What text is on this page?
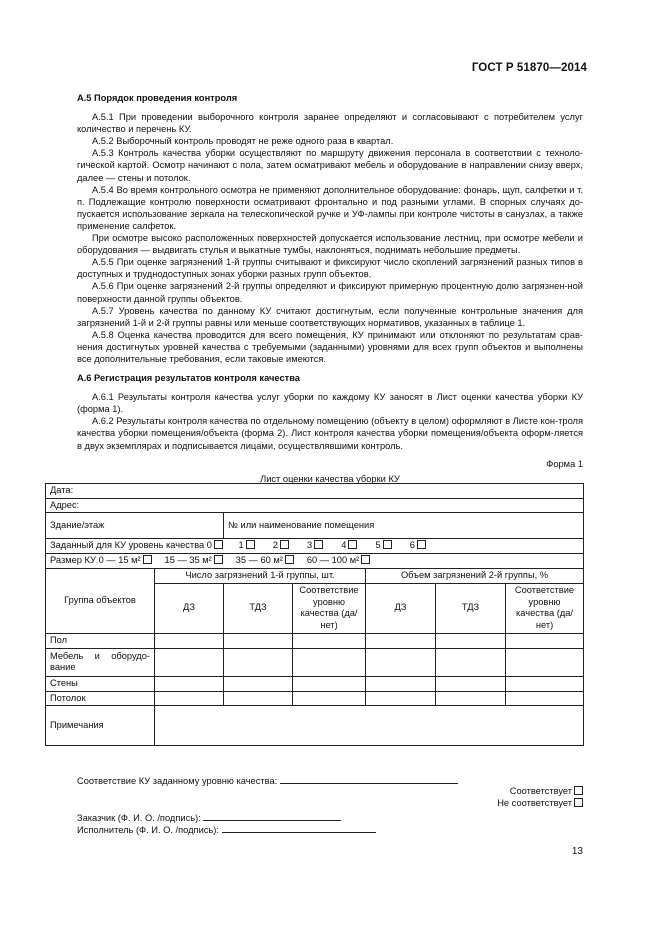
ГОСТ Р 51870—2014
А.5 Порядок проведения контроля

А.5.1 При проведении выборочного контроля заранее определяют и согласовывают с потребителем услуг количество и перечень КУ.

А.5.2 Выборочный контроль проводят не реже одного раза в квартал.

А.5.3 Контроль качества уборки осуществляют по маршруту движения персонала в соответствии с техноло-гической картой. Осмотр начинают с пола, затем осматривают мебель и оборудование в направлении снизу вверх, далее — стены и потолок.

А.5.4 Во время контрольного осмотра не применяют дополнительное оборудование: фонарь, щуп, салфетки и т. п. Подлежащие контролю поверхности осматривают фронтально и под разными углами. В спорных случаях до-пускается использование зеркала на телескопической ручке и УФ-лампы при контроле чистоты в санузлах, а также применение салфеток.

При осмотре высоко расположенных поверхностей допускается использование лестниц, при осмотре мебели и оборудования — выдвигать стулья и выкатные тумбы, наклоняться, поднимать небольшие предметы.

А.5.5 При оценке загрязнений 1-й группы считывают и фиксируют число скоплений загрязнений разных типов в доступных и труднодоступных зонах уборки разных групп объектов.

А.5.6 При оценке загрязнений 2-й группы определяют и фиксируют примерную процентную долю загрязнен-ной поверхности данной группы объектов.

А.5.7 Уровень качества по данному КУ считают достигнутым, если полученные контрольные значения для загрязнений 1-й и 2-й группы равны или меньше соответствующих нормативов, указанных в таблице 1.

А.5.8 Оценка качества проводится для всего помещения, КУ принимают или отклоняют по результатам срав-нения достигнутых уровней качества с требуемыми (заданными) уровнями для всех групп объектов и выполнены все дополнительные требования, если таковые имеются.

А.6 Регистрация результатов контроля качества

А.6.1 Результаты контроля качества услуг уборки по каждому КУ заносят в Лист оценки качества уборки КУ (форма 1).

А.6.2 Результаты контроля качества по отдельному помещению (объекту в целом) оформляют в Листе кон-троля качества уборки помещения/объекта (форма 2). Лист контроля качества уборки помещения/объекта оформ-ляется в двух экземплярах и подписывается лицами, осуществлявшими контроль.

Форма 1
Лист оценки качества уборки КУ
Дата:						
Адрес:						
Здание/этаж		№ или наименование помещения				
Заданный для КУ уровень качества 0 1 2 3 4 5 6						
Размер КУ 0 — 15 м² 15 — 35 м² 35 — 60 м² 60 — 100 м²						
Группа объектов	Число загрязнений 1-й группы, шт.			Объем загрязнений 2-й группы, %		
	ДЗ	ТДЗ	Соответствие уровню качества (да/нет)	ДЗ	ТДЗ	Соответствие уровню качества (да/нет)
Пол						
Мебель и оборудо-вание						
Стены						
Потолок						
Примечания						
Соответствие КУ заданному уровню качества:
Соответствует
Не соответствует
Заказчик (Ф. И. О. /подпись):
Исполнитель (Ф. И. О. /подпись):
13
